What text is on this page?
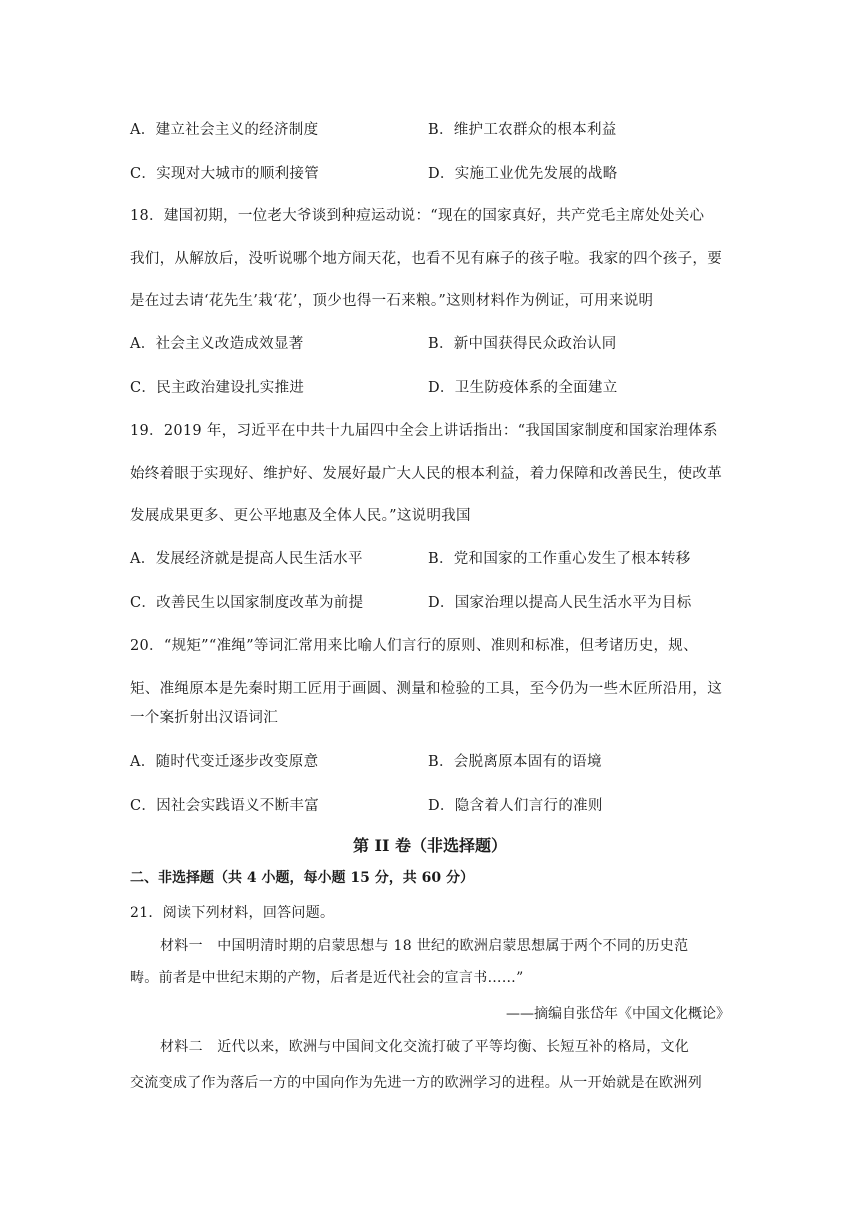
A．建立社会主义的经济制度	B．维护工农群众的根本利益
C．实现对大城市的顺利接管	D．实施工业优先发展的战略
18．建国初期，一位老大爷谈到种痘运动说：“现在的国家真好，共产党毛主席处处关心
我们，从解放后，没听说哪个地方闹天花，也看不见有麻子的孩子啦。我家的四个孩子，要
是在过去请‘花先生’栽‘花’，顶少也得一石来粮。”这则材料作为例证，可用来说明
A．社会主义改造成效显著	B．新中国获得民众政治认同
C．民主政治建设扎实推进	D．卫生防疫体系的全面建立
19．2019 年，习近平在中共十九届四中全会上讲话指出：“我国国家制度和国家治理体系
始终着眼于实现好、维护好、发展好最广大人民的根本利益，着力保障和改善民生，使改革
发展成果更多、更公平地惠及全体人民。”这说明我国
A．发展经济就是提高人民生活水平	B．党和国家的工作重心发生了根本转移
C．改善民生以国家制度改革为前提	D．国家治理以提高人民生活水平为目标
20．“规矩”“准绳”等词汇常用来比喻人们言行的原则、准则和标准，但考诸历史，规、
矩、准绳原本是先秦时期工匠用于画圆、测量和检验的工具，至今仍为一些木匠所沿用，这
一个案折射出汉语词汇
A．随时代变迁逐步改变原意	B．会脱离原本固有的语境
C．因社会实践语义不断丰富	D．隐含着人们言行的准则
第 II 卷（非选择题）
二、非选择题（共 4 小题，每小题 15 分，共 60 分）
21．阅读下列材料，回答问题。
材料一　中国明清时期的启蒙思想与 18 世纪的欧洲启蒙思想属于两个不同的历史范
畴。前者是中世纪末期的产物，后者是近代社会的宣言书……”
——摘编自张岱年《中国文化概论》
材料二　近代以来，欧洲与中国间文化交流打破了平等均衡、长短互补的格局，文化
交流变成了作为落后一方的中国向作为先进一方的欧洲学习的进程。从一开始就是在欧洲列
